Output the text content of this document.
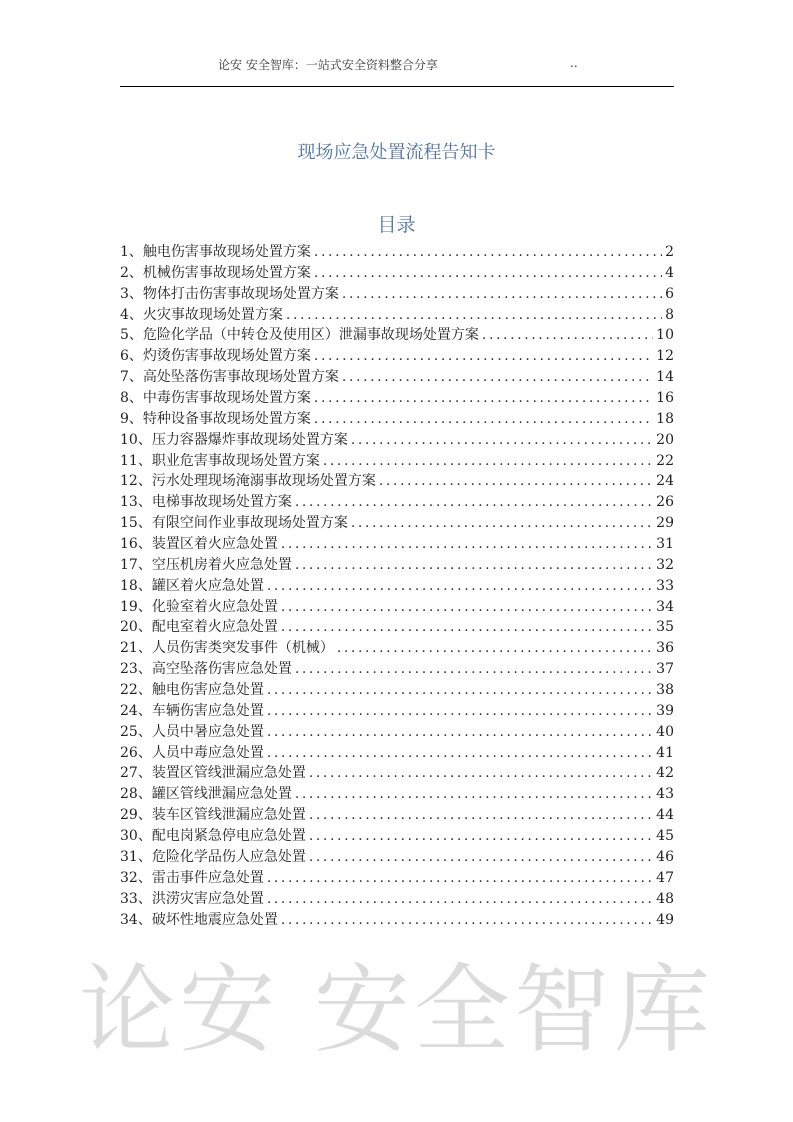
论安 安全智库：一站式安全资料整合分享	..
现场应急处置流程告知卡
目录
1、触电伤害事故现场处置方案 .....	2
2、机械伤害事故现场处置方案 .....	4
3、物体打击伤害事故现场处置方案 .....	6
4、火灾事故现场处置方案 .....	8
5、危险化学品（中转仓及使用区）泄漏事故现场处置方案 .....	10
6、灼烫伤害事故现场处置方案 .....	12
7、高处坠落伤害事故现场处置方案 .....	14
8、中毒伤害事故现场处置方案 .....	16
9、特种设备事故现场处置方案 .....	18
10、压力容器爆炸事故现场处置方案 .....	20
11、职业危害事故现场处置方案 .....	22
12、污水处理现场淹溺事故现场处置方案 .....	24
13、电梯事故现场处置方案 .....	26
15、有限空间作业事故现场处置方案 .....	29
16、装置区着火应急处置 .....	31
17、空压机房着火应急处置 .....	32
18、罐区着火应急处置 .....	33
19、化验室着火应急处置 .....	34
20、配电室着火应急处置 .....	35
21、人员伤害类突发事件（机械） .....	36
23、高空坠落伤害应急处置 .....	37
22、触电伤害应急处置 .....	38
24、车辆伤害应急处置 .....	39
25、人员中暑应急处置 .....	40
26、人员中毒应急处置 .....	41
27、装置区管线泄漏应急处置 .....	42
28、罐区管线泄漏应急处置 .....	43
29、装车区管线泄漏应急处置 .....	44
30、配电岗紧急停电应急处置 .....	45
31、危险化学品伤人应急处置 .....	46
32、雷击事件应急处置 .....	47
33、洪涝灾害应急处置 .....	48
34、破坏性地震应急处置 .....	49
论安 安全智库
